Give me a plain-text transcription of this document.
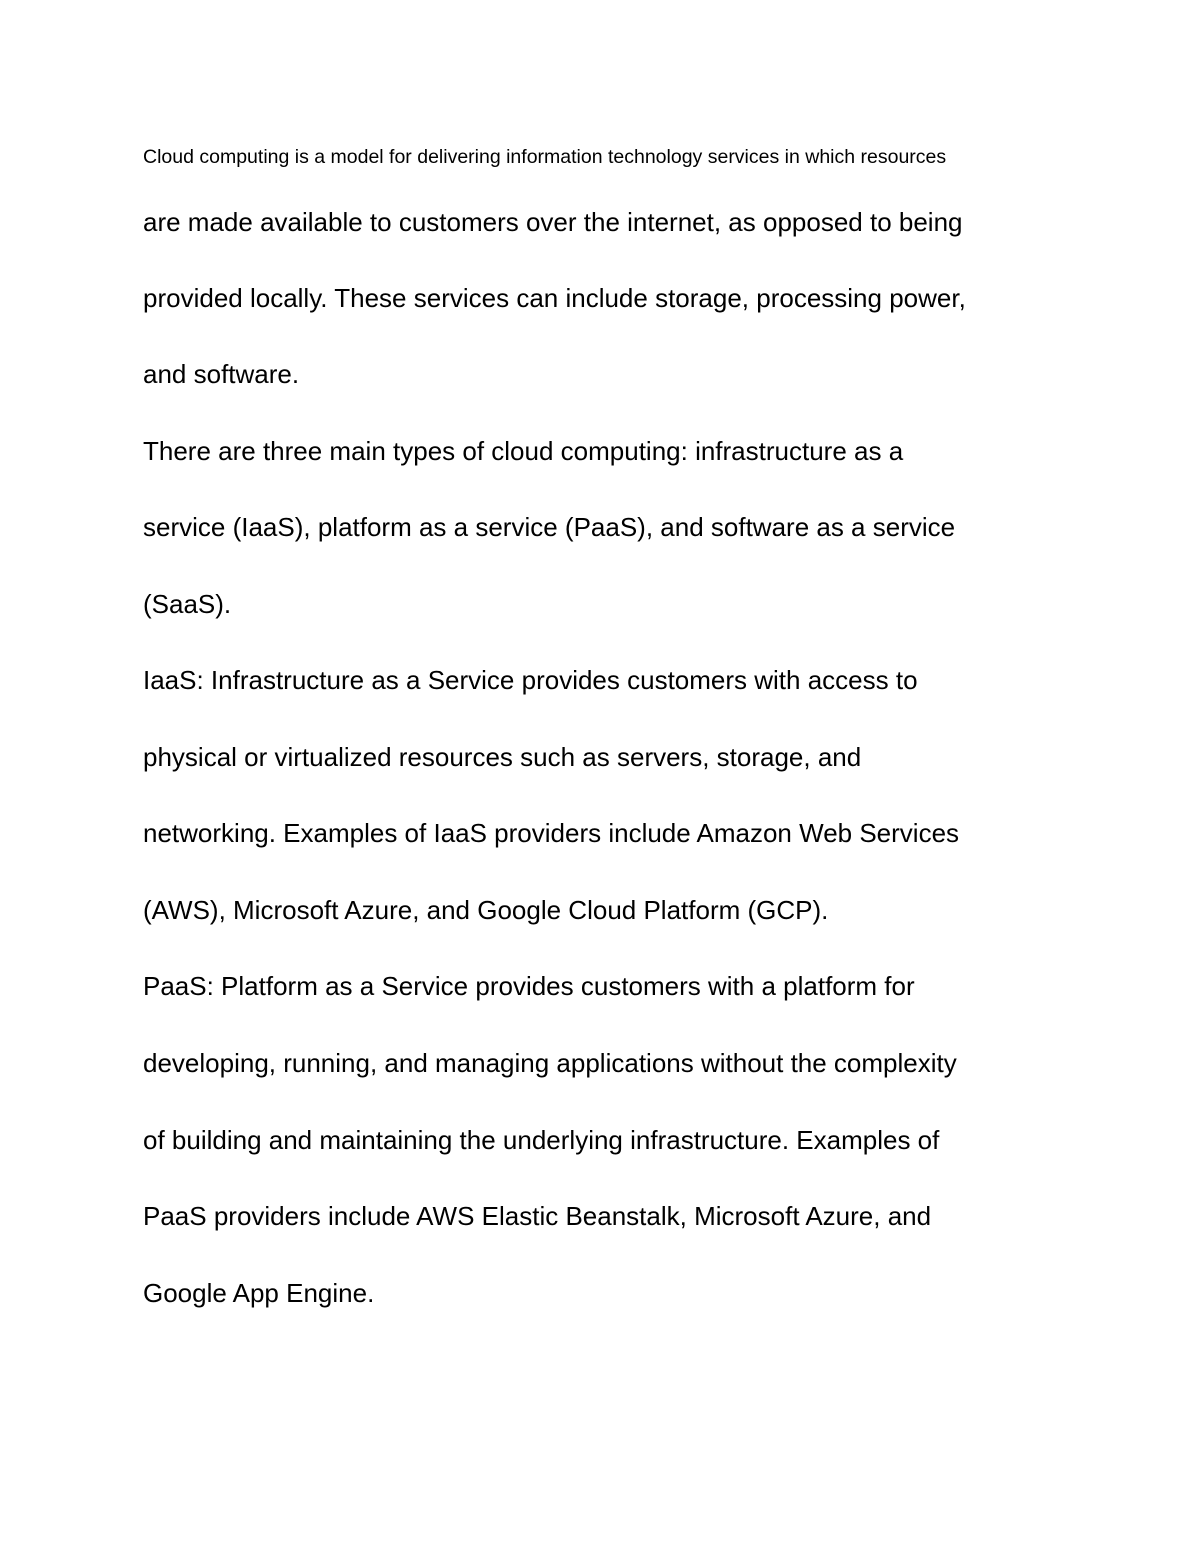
Cloud computing is a model for delivering information technology services in which resources
are made available to customers over the internet, as opposed to being
provided locally. These services can include storage, processing power,
and software.
There are three main types of cloud computing: infrastructure as a
service (IaaS), platform as a service (PaaS), and software as a service
(SaaS).
IaaS: Infrastructure as a Service provides customers with access to
physical or virtualized resources such as servers, storage, and
networking. Examples of IaaS providers include Amazon Web Services
(AWS), Microsoft Azure, and Google Cloud Platform (GCP).
PaaS: Platform as a Service provides customers with a platform for
developing, running, and managing applications without the complexity
of building and maintaining the underlying infrastructure. Examples of
PaaS providers include AWS Elastic Beanstalk, Microsoft Azure, and
Google App Engine.
